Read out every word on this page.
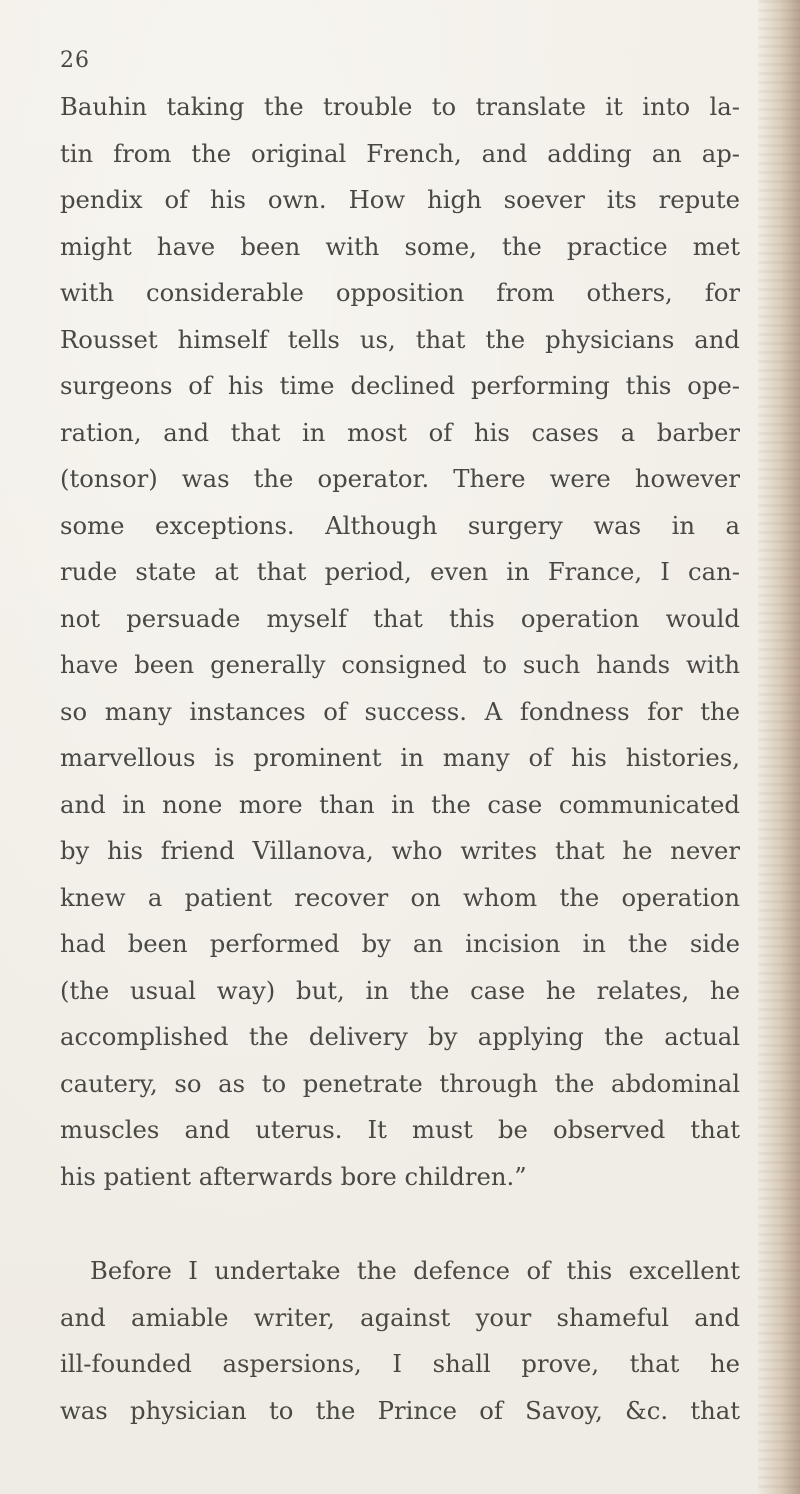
26
Bauhin taking the trouble to translate it into la-
tin from the original French, and adding an ap-
pendix of his own. How high soever its repute
might have been with some, the practice met
with considerable opposition from others, for
Rousset himself tells us, that the physicians and
surgeons of his time declined performing this ope-
ration, and that in most of his cases a barber
(tonsor) was the operator. There were however
some exceptions. Although surgery was in a
rude state at that period, even in France, I can-
not persuade myself that this operation would
have been generally consigned to such hands with
so many instances of success. A fondness for the
marvellous is prominent in many of his histories,
and in none more than in the case communicated
by his friend Villanova, who writes that he never
knew a patient recover on whom the operation
had been performed by an incision in the side
(the usual way) but, in the case he relates, he
accomplished the delivery by applying the actual
cautery, so as to penetrate through the abdominal
muscles and uterus. It must be observed that
his patient afterwards bore children.”
Before I undertake the defence of this excellent
and amiable writer, against your shameful and
ill-founded aspersions, I shall prove, that he
was physician to the Prince of Savoy, &c. that
